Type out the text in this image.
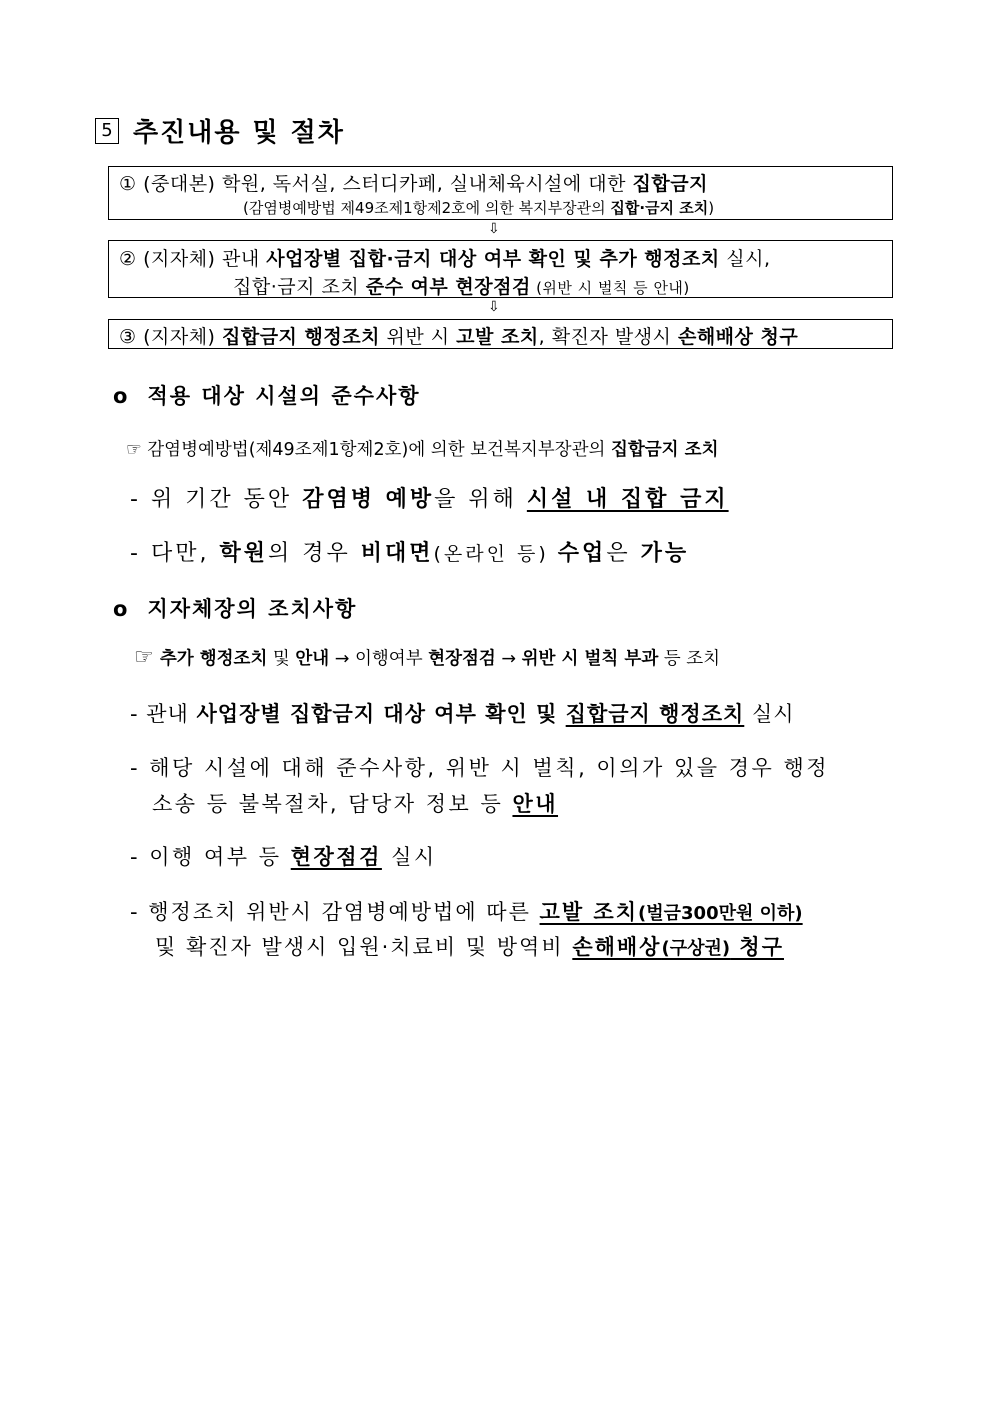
5 추진내용 및 절차
① (중대본) 학원, 독서실, 스터디카페, 실내체육시설에 대한 집합금지
(감염병예방법 제49조제1항제2호에 의한 복지부장관의 집합·금지 조치)
⇩
② (지자체) 관내 사업장별 집합·금지 대상 여부 확인 및 추가 행정조치 실시,
집합·금지 조치 준수 여부 현장점검 (위반 시 벌칙 등 안내)
⇩
③ (지자체) 집합금지 행정조치 위반 시 고발 조치, 확진자 발생시 손해배상 청구
o 적용 대상 시설의 준수사항
☞ 감염병예방법(제49조제1항제2호)에 의한 보건복지부장관의 집합금지 조치
- 위 기간 동안 감염병 예방을 위해 시설 내 집합 금지
- 다만, 학원의 경우 비대면(온라인 등) 수업은 가능
o 지자체장의 조치사항
☞ 추가 행정조치 및 안내 → 이행여부 현장점검 → 위반 시 벌칙 부과 등 조치
- 관내 사업장별 집합금지 대상 여부 확인 및 집합금지 행정조치 실시
- 해당 시설에 대해 준수사항, 위반 시 벌칙, 이의가 있을 경우 행정
소송 등 불복절차, 담당자 정보 등 안내
- 이행 여부 등 현장점검 실시
- 행정조치 위반시 감염병예방법에 따른 고발 조치(벌금300만원 이하)
및 확진자 발생시 입원·치료비 및 방역비 손해배상(구상권) 청구
